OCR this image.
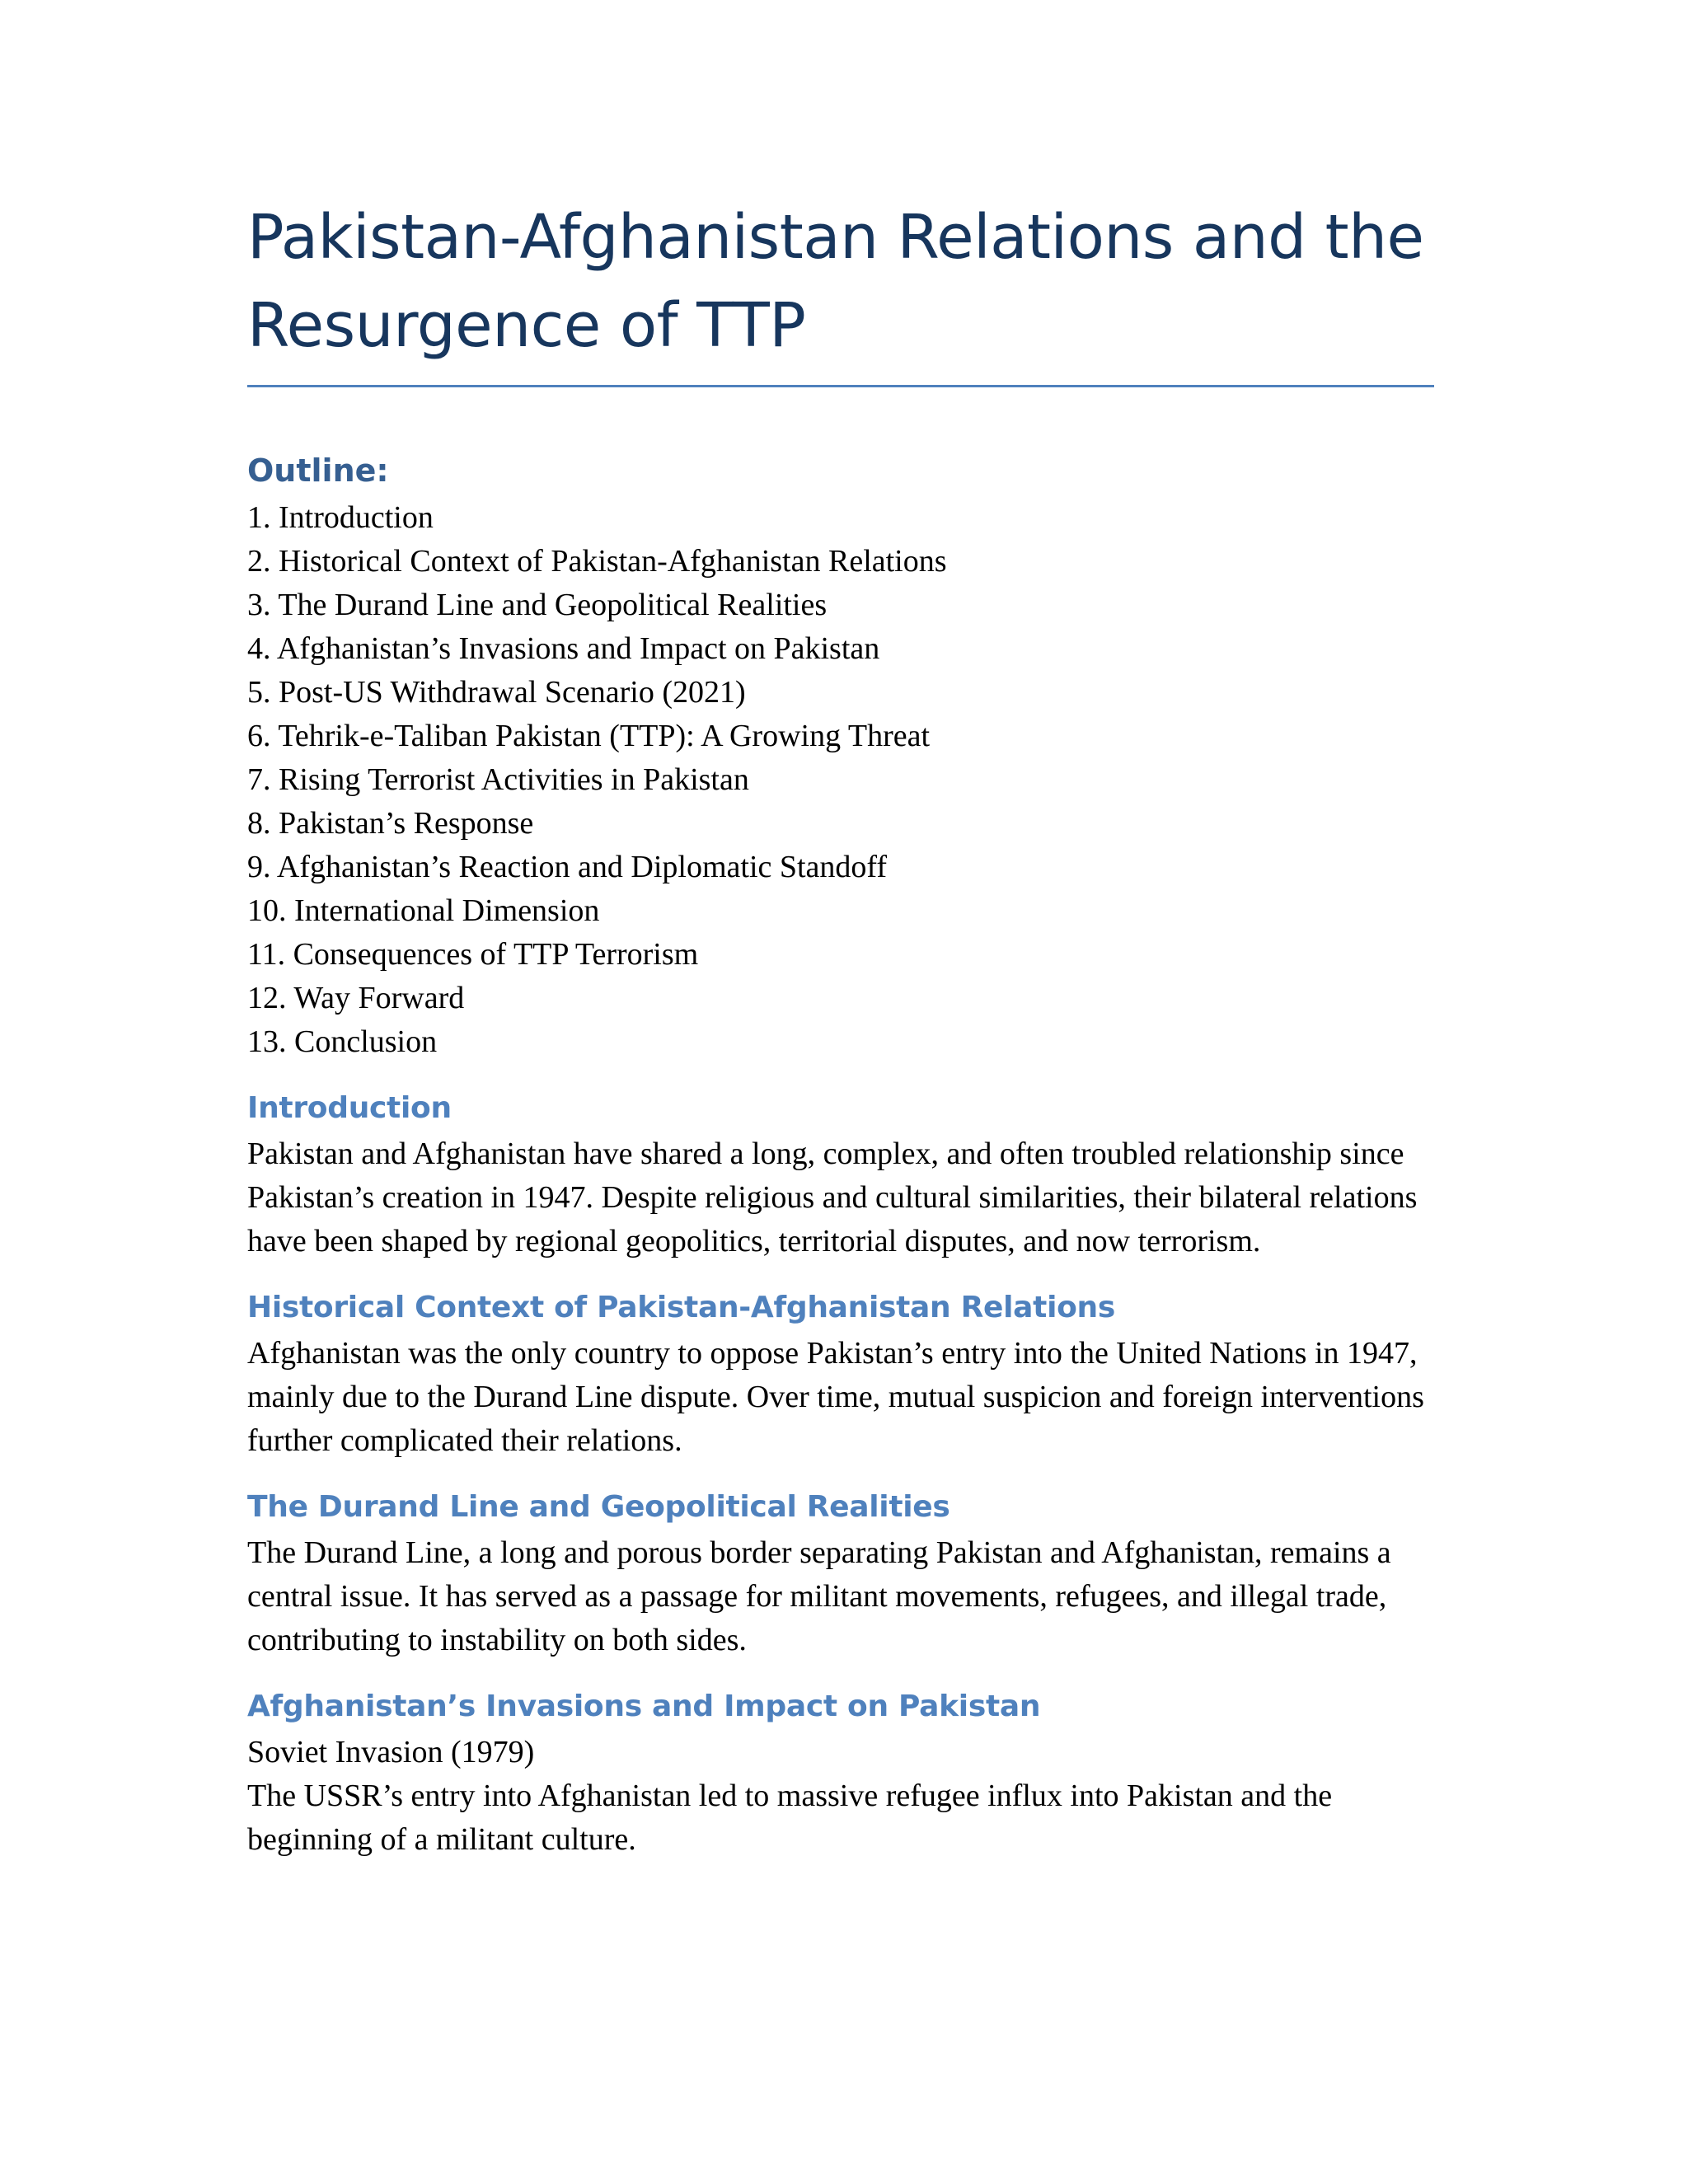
Pakistan-Afghanistan Relations and the Resurgence of TTP
Outline:
1. Introduction
2. Historical Context of Pakistan-Afghanistan Relations
3. The Durand Line and Geopolitical Realities
4. Afghanistan’s Invasions and Impact on Pakistan
5. Post-US Withdrawal Scenario (2021)
6. Tehrik-e-Taliban Pakistan (TTP): A Growing Threat
7. Rising Terrorist Activities in Pakistan
8. Pakistan’s Response
9. Afghanistan’s Reaction and Diplomatic Standoff
10. International Dimension
11. Consequences of TTP Terrorism
12. Way Forward
13. Conclusion
Introduction

Pakistan and Afghanistan have shared a long, complex, and often troubled relationship since Pakistan’s creation in 1947. Despite religious and cultural similarities, their bilateral relations have been shaped by regional geopolitics, territorial disputes, and now terrorism.

Historical Context of Pakistan-Afghanistan Relations

Afghanistan was the only country to oppose Pakistan’s entry into the United Nations in 1947, mainly due to the Durand Line dispute. Over time, mutual suspicion and foreign interventions further complicated their relations.

The Durand Line and Geopolitical Realities

The Durand Line, a long and porous border separating Pakistan and Afghanistan, remains a central issue. It has served as a passage for militant movements, refugees, and illegal trade, contributing to instability on both sides.

Afghanistan’s Invasions and Impact on Pakistan

Soviet Invasion (1979)

The USSR’s entry into Afghanistan led to massive refugee influx into Pakistan and the beginning of a militant culture.
